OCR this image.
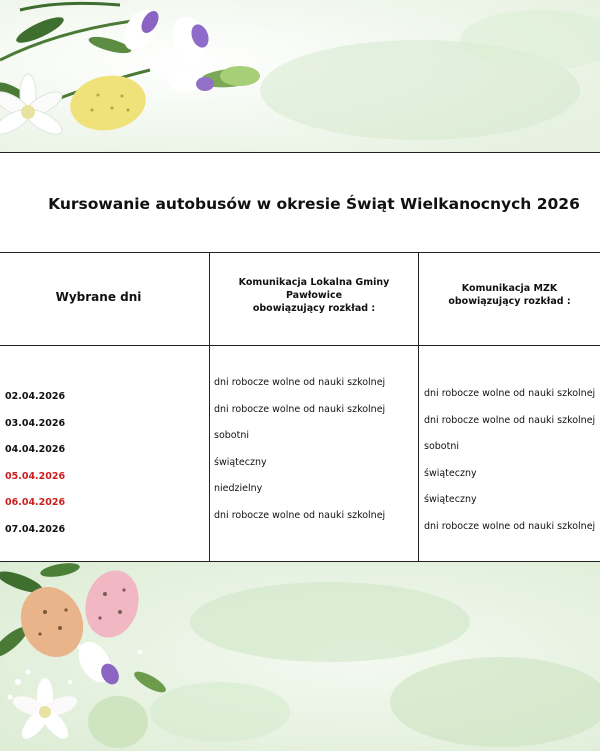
Kursowanie autobusów w okresie Świąt Wielkanocnych 2026
Wybrane dni
Komunikacja Lokalna Gminy Pawłowice
obowiązujący rozkład :
Komunikacja MZK
obowiązujący rozkład :
02.04.2026
03.04.2026
04.04.2026
05.04.2026
06.04.2026
07.04.2026
dni robocze wolne od nauki szkolnej
dni robocze wolne od nauki szkolnej
sobotni
świąteczny
niedzielny
dni robocze wolne od nauki szkolnej
dni robocze wolne od nauki szkolnej
dni robocze wolne od nauki szkolnej
sobotni
świąteczny
świąteczny
dni robocze wolne od nauki szkolnej
